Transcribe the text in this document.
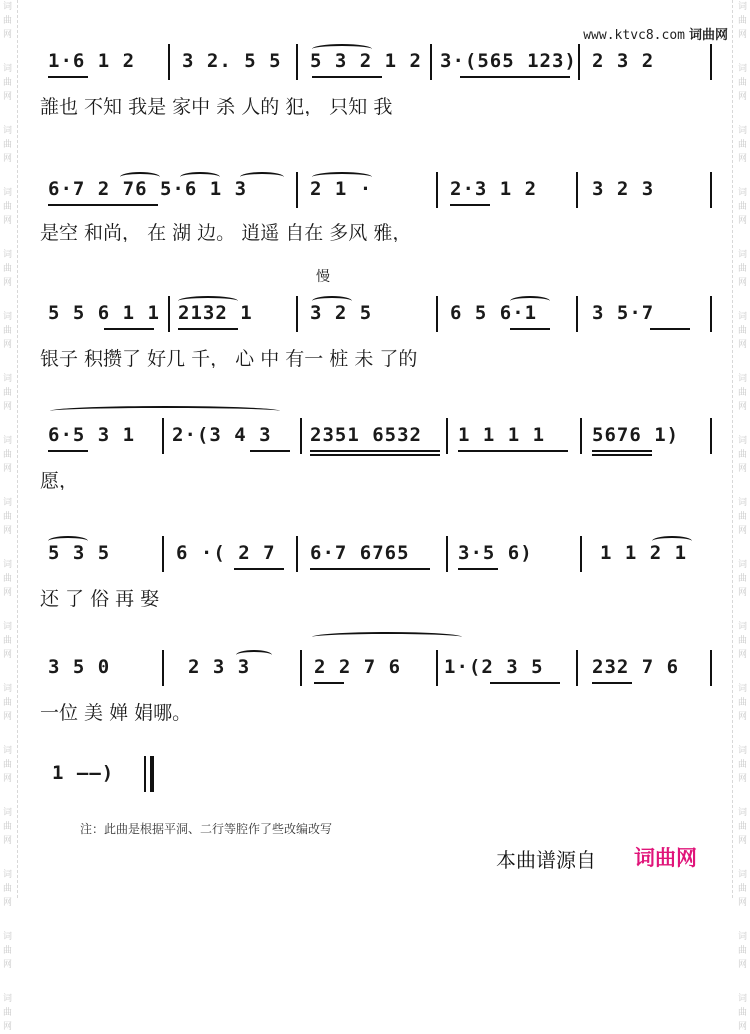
词曲网
词曲网
词曲网
词曲网
词曲网
词曲网
词曲网
词曲网
词曲网
词曲网
词曲网
词曲网
词曲网
词曲网
词曲网
词曲网
词曲网
词曲网
词曲网
词曲网
词曲网
词曲网
词曲网
词曲网
词曲网
词曲网
词曲网
词曲网
词曲网
词曲网
词曲网
词曲网
词曲网
词曲网
www.ktvc8.com 词曲网
1·6 1 2 3 2. 5 5 5 3 2 1 2 3·(565 123) 2 3 2
誰也 不知 我是 家中 杀 人的 犯， 只知 我
6·7 2 76 5·6 1 3	2 1 ·	2·3 1 2	3 2 3
是空 和尚， 在 湖 边。 逍遥 自在 多风 雅，
慢
5 5 6 1 1 2132 1	3 2 5	6 5 6·1	3 5·7
银子 积攒了 好几 千， 心 中 有一 桩 未 了的
6·5 3 1 2·(3 4 3 2351 6532 1 1 1 1 5676 1)
愿，
5 3 5	6 ·( 2 7 6·7 6765	3·5 6)	1 1 2 1
还 了 俗 再 娶
3 5 0	2 3 3	2 2 7 6 1·(2 3 5	232 7 6
一位 美 婵 娟哪。
1 ——)
注：此曲是根据平洞、二行等腔作了些改编改写
本曲谱源自 词曲网
